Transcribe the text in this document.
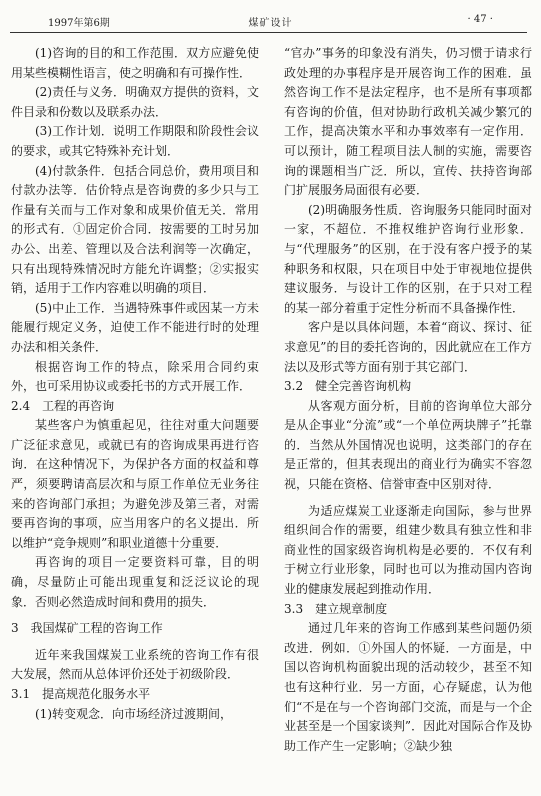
1997年第6期	煤矿设计	· 47 ·

(1)咨询的目的和工作范围．双方应避免使用某些模糊性语言，使之明确和有可操作性．

(2)责任与义务．明确双方提供的资料，文件目录和份数以及联系办法．

(3)工作计划．说明工作期限和阶段性会议的要求，或其它特殊补充计划．

(4)付款条件．包括合同总价，费用项目和付款办法等．估价特点是咨询费的多少只与工作量有关而与工作对象和成果价值无关．常用的形式有．①固定价合同．按需要的工时另加办公、出差、管理以及合法利润等一次确定，只有出现特殊情况时方能允许调整；②实报实销，适用于工作内容难以明确的项目．

(5)中止工作．当遇特殊事件或因某一方未能履行规定义务，迫使工作不能进行时的处理办法和相关条件．

根据咨询工作的特点，除采用合同约束外，也可采用协议或委托书的方式开展工作．

2.4　工程的再咨询

某些客户为慎重起见，往往对重大问题要广泛征求意见，或就已有的咨询成果再进行咨询．在这种情况下，为保护各方面的权益和尊严，须要聘请高层次和与原工作单位无业务往来的咨询部门承担；为避免涉及第三者，对需要再咨询的事项，应当用客户的名义提出．所以维护“竞争规则”和职业道德十分重要．

再咨询的项目一定要资料可靠，目的明确，尽量防止可能出现重复和泛泛议论的现象．否则必然造成时间和费用的损失．

3　我国煤矿工程的咨询工作

近年来我国煤炭工业系统的咨询工作有很大发展，然而从总体评价还处于初级阶段．

3.1　提高规范化服务水平

(1)转变观念．向市场经济过渡期间，

“官办”事务的印象没有消失，仍习惯于请求行政处理的办事程序是开展咨询工作的困难．虽然咨询工作不是法定程序，也不是所有事项都有咨询的价值，但对协助行政机关减少繁冗的工作，提高决策水平和办事效率有一定作用．可以预计，随工程项目法人制的实施，需要咨询的课题相当广泛．所以，宣传、扶持咨询部门扩展服务局面很有必要．

(2)明确服务性质．咨询服务只能同时面对一家，不超位．不推权维护咨询行业形象．与“代理服务”的区别，在于没有客户授予的某种职务和权限，只在项目中处于审视地位提供建议服务．与设计工作的区别，在于只对工程的某一部分着重于定性分析而不具备操作性．

客户是以具体问题，本着“商议、探讨、征求意见”的目的委托咨询的，因此就应在工作方法以及形式等方面有别于其它部门．

3.2　健全完善咨询机构

从客观方面分析，目前的咨询单位大部分是从企事业“分流”或“一个单位两块牌子”托靠的．当然从外国情况也说明，这类部门的存在是正常的，但其表现出的商业行为确实不容忽视，只能在资格、信誉审查中区别对待．

为适应煤炭工业逐渐走向国际，参与世界组织间合作的需要，组建少数具有独立性和非商业性的国家级咨询机构是必要的．不仅有利于树立行业形象，同时也可以为推动国内咨询业的健康发展起到推动作用．

3.3　建立规章制度

通过几年来的咨询工作感到某些问题仍须改进．例如．①外国人的怀疑．一方面是，中国以咨询机构面貌出现的活动较少，甚至不知也有这种行业．另一方面，心存疑虑，认为他们“不是在与一个咨询部门交流，而是与一个企业甚至是一个国家谈判”．因此对国际合作及协助工作产生一定影响；②缺少独
